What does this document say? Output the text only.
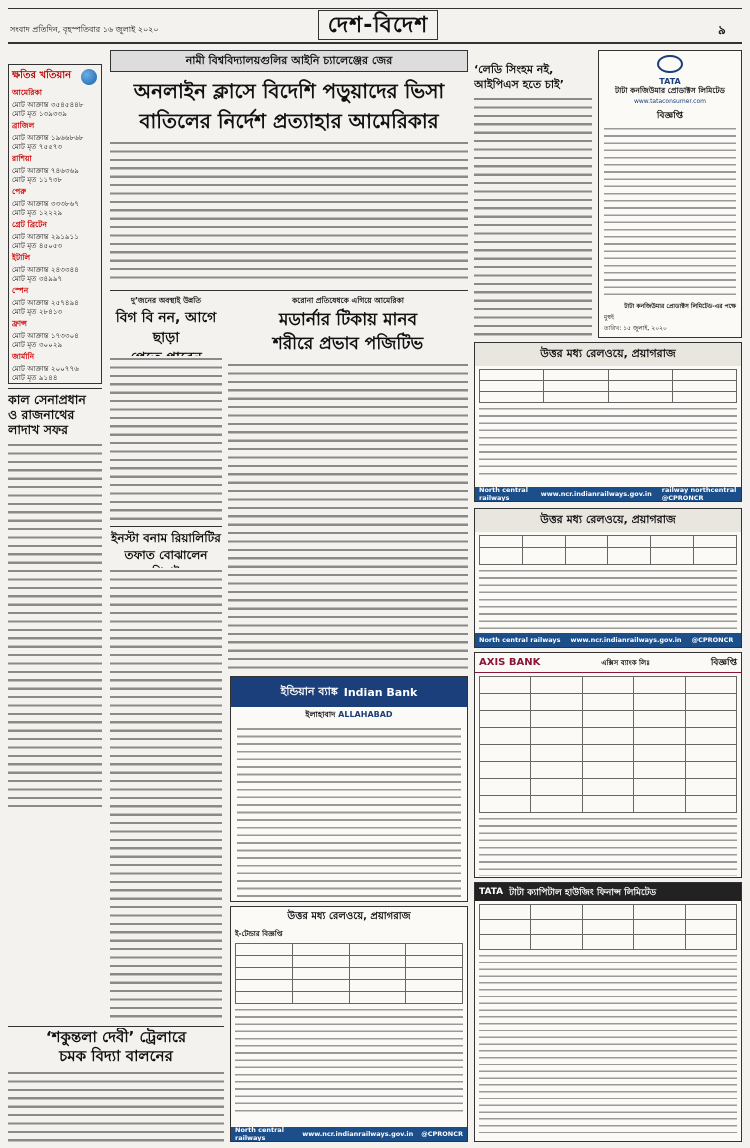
সংবাদ প্রতিদিন, বৃহস্পতিবার ১৬ জুলাই ২০২০	দেশ-বিদেশ	৯
ক্ষতির খতিয়ান
আমেরিকা
মোট আক্রান্ত ৩৫৪৫৪৪৮
মোট মৃত ১৩৯৩৩৯
ব্রাজিল
মোট আক্রান্ত ১৯৬৬৮৬৮
মোট মৃত ৭৫৫৭৩
রাশিয়া
মোট আক্রান্ত ৭৪৬৩৬৯
মোট মৃত ১১৭৩৮
পেরু
মোট আক্রান্ত ৩৩৩৮৬৭
মোট মৃত ১২২২৯
গ্রেট ব্রিটেন
মোট আক্রান্ত ২৯১৯১১
মোট মৃত ৪৫০৫৩
ইটালি
মোট আক্রান্ত ২৪৩৩৪৪
মোট মৃত ৩৪৯৯৭
স্পেন
মোট আক্রান্ত ২৫৭৪৯৪
মোট মৃত ২৮৪১৩
ফ্রান্স
মোট আক্রান্ত ১৭৩৩০৪
মোট মৃত ৩০০২৯
জার্মানি
মোট আক্রান্ত ২০০৭৭৬
মোট মৃত ৯১৪৪
কাল সেনাপ্রধান
ও রাজনাথের
লাদাখ সফর
‘শকুন্তলা দেবী’ ট্রেলারে
চমক বিদ্যা বালনের
নামী বিশ্ববিদ্যালয়গুলির আইনি চ্যালেঞ্জের জের
অনলাইন ক্লাসে বিদেশি পড়ুয়াদের ভিসা
বাতিলের নির্দেশ প্রত্যাহার আমেরিকার
দু’জনের অবস্থাই উন্নতি
বিগ বি নন, আগে ছাড়া
করোনা প্রতিষেধকে এগিয়ে আমেরিকা
মডার্নার টিকায় মানব
শরীরে প্রভাব পজিটিভ
ইনস্টা বনাম রিয়ালিটির
তফাত বোঝালেন
ইন্ডিয়ান ব্যাঙ্ক Indian Bank
ইলাহাবাদ ALLAHABAD
উত্তর মধ্য রেলওয়ে, প্রয়াগরাজ
ই-টেন্ডার বিজ্ঞপ্তি

North central railways	www.ncr.indianrailways.gov.in @CPRONCR
‘লেডি সিংহম নই,
আইপিএস হতে চাই’	TATA
টাটা কনজিউমার প্রোডাক্টস লিমিটেড
www.tataconsumer.com
বিজ্ঞপ্তি
টাটা কনজিউমার প্রোডাক্টস লিমিটেড-এর পক্ষে
মুম্বই
তারিখ: ১৫ জুলাই, ২০২০
উত্তর মধ্য রেলওয়ে, প্রয়াগরাজ

North central railways	www.ncr.indianrailways.gov.in railway northcentral @CPRONCR
উত্তর মধ্য রেলওয়ে, প্রয়াগরাজ

North central railways www.ncr.indianrailways.gov.in @CPRONCR
AXIS BANK	এক্সিস ব্যাংক লিঃ	বিজ্ঞপ্তি

TATA টাটা ক্যাপিটাল হাউজিং ফিনান্স লিমিটেড
